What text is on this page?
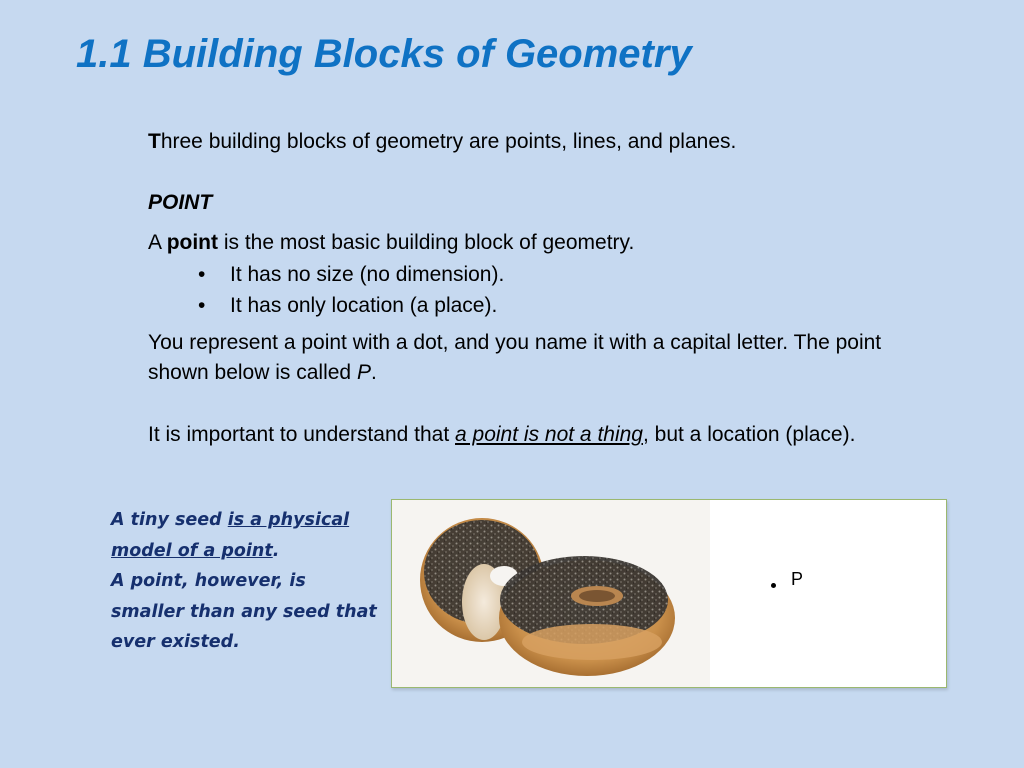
1.1 Building Blocks of Geometry

Three building blocks of geometry are points, lines, and planes.

POINT

A point is the most basic building block of geometry.

• It has no size (no dimension).
• It has only location (a place).

You represent a point with a dot, and you name it with a capital letter. The point shown below is called P.

It is important to understand that a point is not a thing, but a location (place).

A tiny seed is a physical model of a point.
A point, however, is smaller than any seed that ever existed.

P
